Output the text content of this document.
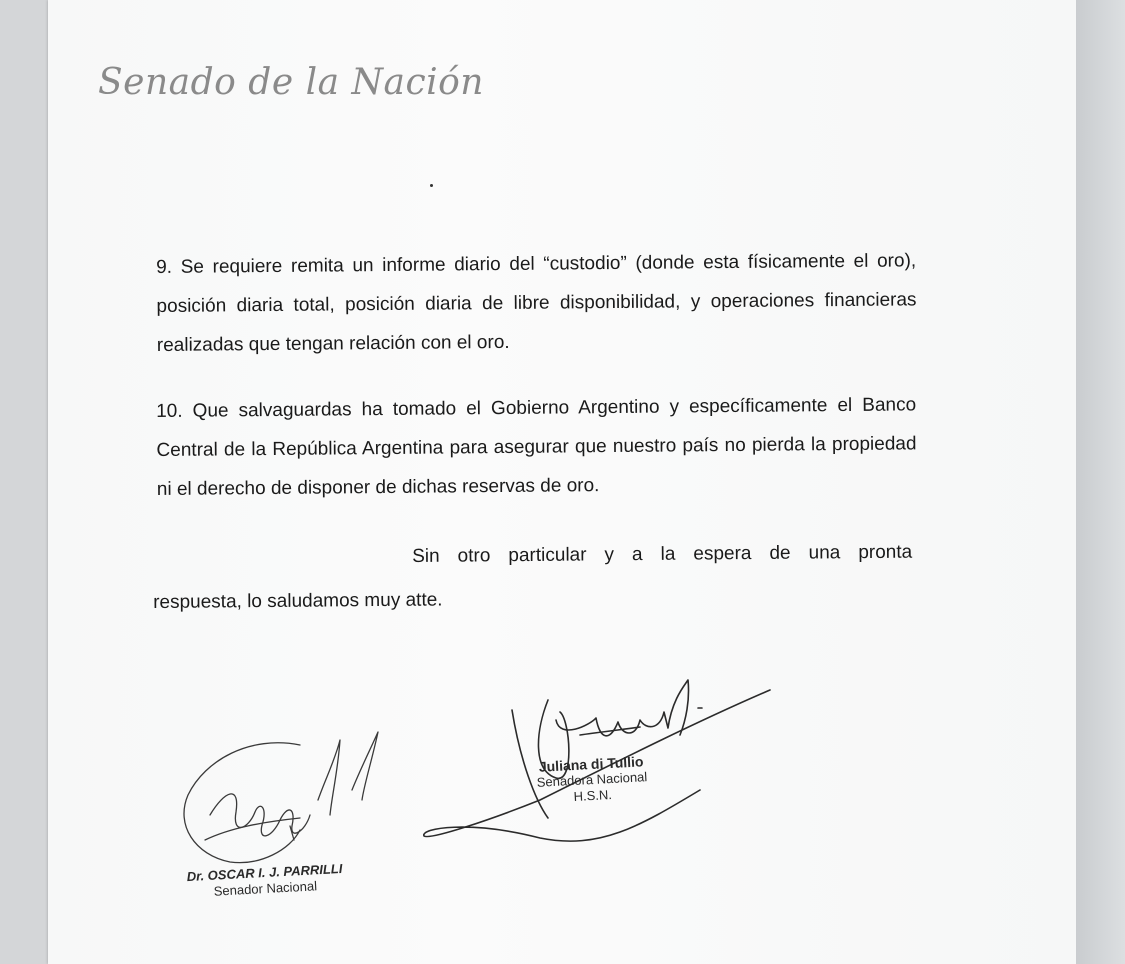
Senado de la Nación
9. Se requiere remita un informe diario del “custodio” (donde esta físicamente el oro), posición diaria total, posición diaria de libre disponibilidad, y operaciones financieras realizadas que tengan relación con el oro.
10. Que salvaguardas ha tomado el Gobierno Argentino y específicamente el Banco Central de la República Argentina para asegurar que nuestro país no pierda la propiedad ni el derecho de disponer de dichas reservas de oro.
Sin otro particular y a la espera de una pronta
respuesta, lo saludamos muy atte.
Juliana di Tullio
Senadora Nacional
H.S.N.
Dr. OSCAR I. J. PARRILLI
Senador Nacional
